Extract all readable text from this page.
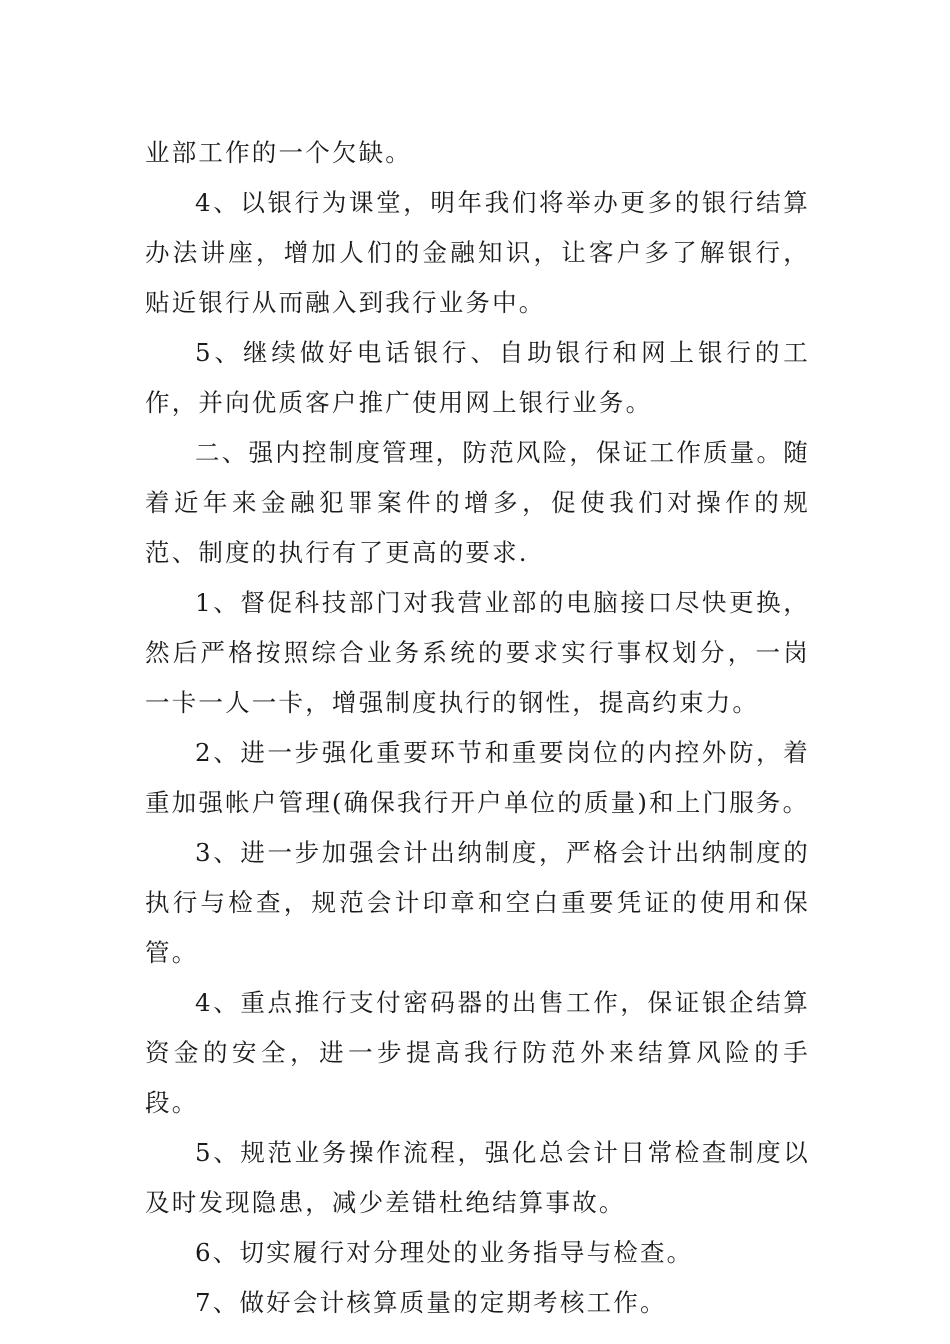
业部工作的一个欠缺。

4、以银行为课堂，明年我们将举办更多的银行结算办法讲座，增加人们的金融知识，让客户多了解银行，贴近银行从而融入到我行业务中。

5、继续做好电话银行、自助银行和网上银行的工作，并向优质客户推广使用网上银行业务。

二、强内控制度管理，防范风险，保证工作质量。随着近年来金融犯罪案件的增多，促使我们对操作的规范、制度的执行有了更高的要求.

1、督促科技部门对我营业部的电脑接口尽快更换，然后严格按照综合业务系统的要求实行事权划分，一岗一卡一人一卡，增强制度执行的钢性，提高约束力。

2、进一步强化重要环节和重要岗位的内控外防，着重加强帐户管理(确保我行开户单位的质量)和上门服务。

3、进一步加强会计出纳制度，严格会计出纳制度的执行与检查，规范会计印章和空白重要凭证的使用和保管。

4、重点推行支付密码器的出售工作，保证银企结算资金的安全，进一步提高我行防范外来结算风险的手段。

5、规范业务操作流程，强化总会计日常检查制度以及时发现隐患，减少差错杜绝结算事故。

6、切实履行对分理处的业务指导与检查。

7、做好会计核算质量的定期考核工作。
